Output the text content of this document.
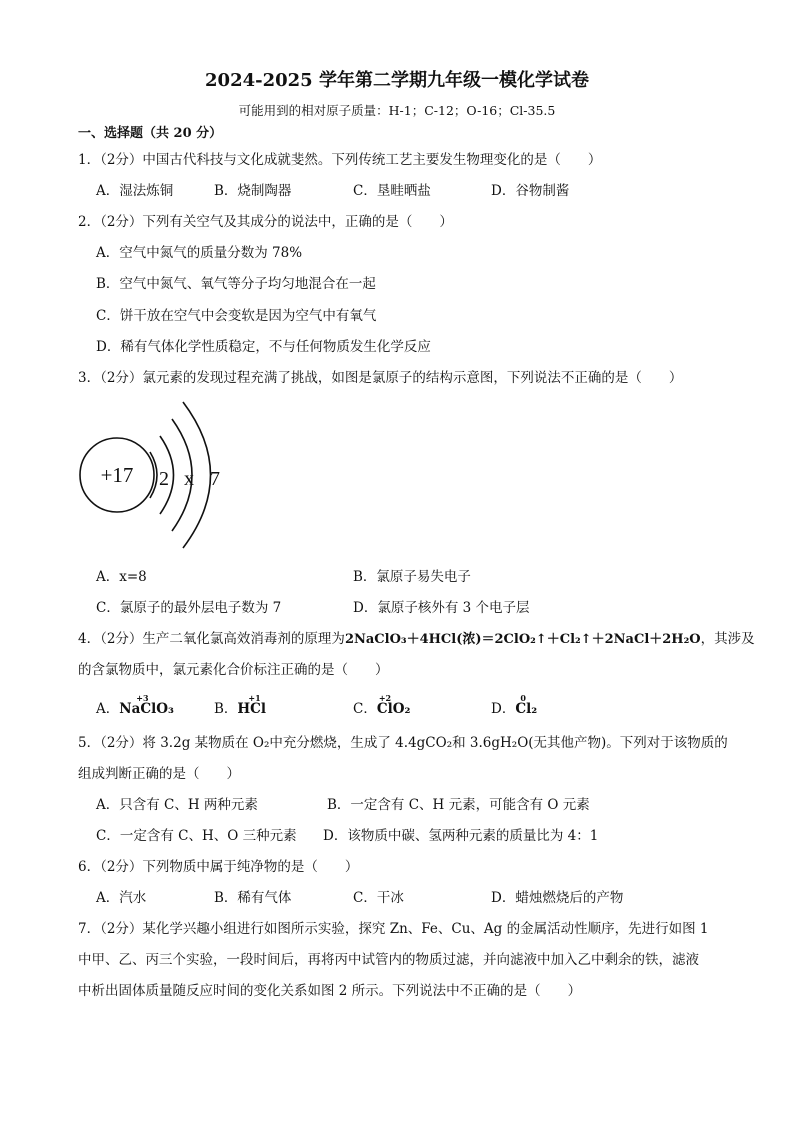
2024-2025 学年第二学期九年级一模化学试卷
可能用到的相对原子质量：H-1；C-12；O-16；Cl-35.5
一、选择题（共 20 分）
1．（2分）中国古代科技与文化成就斐然。下列传统工艺主要发生物理变化的是（　　）
A．湿法炼铜	B．烧制陶器	C．垦畦晒盐	D．谷物制酱
2．（2分）下列有关空气及其成分的说法中，正确的是（　　）
A．空气中氮气的质量分数为 78%
B．空气中氮气、氧气等分子均匀地混合在一起
C．饼干放在空气中会变软是因为空气中有氧气
D．稀有气体化学性质稳定，不与任何物质发生化学反应
3．（2分）氯元素的发现过程充满了挑战，如图是氯原子的结构示意图，下列说法不正确的是（　　）
+17 2 x 7
A．x=8	B．氯原子易失电子
C．氯原子的最外层电子数为 7	D．氯原子核外有 3 个电子层
4．（2分）生产二氧化氯高效消毒剂的原理为2NaClO₃＋4HCl(浓)＝2ClO₂↑＋Cl₂↑＋2NaCl＋2H₂O，其涉及
的含氯物质中，氯元素化合价标注正确的是（　　）
A．
+3
NaClO₃	B．
+1
HCl	C．
+2
ClO₂	D．
0
Cl₂
5．（2分）将 3.2g 某物质在 O₂中充分燃烧，生成了 4.4gCO₂和 3.6gH₂O(无其他产物)。下列对于该物质的
组成判断正确的是（　　）
A．只含有 C、H 两种元素	B．一定含有 C、H 元素，可能含有 O 元素
C．一定含有 C、H、O 三种元素 D．该物质中碳、氢两种元素的质量比为 4：1
6．（2分）下列物质中属于纯净物的是（　　）
A．汽水	B．稀有气体	C．干冰	D．蜡烛燃烧后的产物
7．（2分）某化学兴趣小组进行如图所示实验，探究 Zn、Fe、Cu、Ag 的金属活动性顺序，先进行如图 1
中甲、乙、丙三个实验，一段时间后，再将丙中试管内的物质过滤，并向滤液中加入乙中剩余的铁，滤液
中析出固体质量随反应时间的变化关系如图 2 所示。下列说法中不正确的是（　　）
